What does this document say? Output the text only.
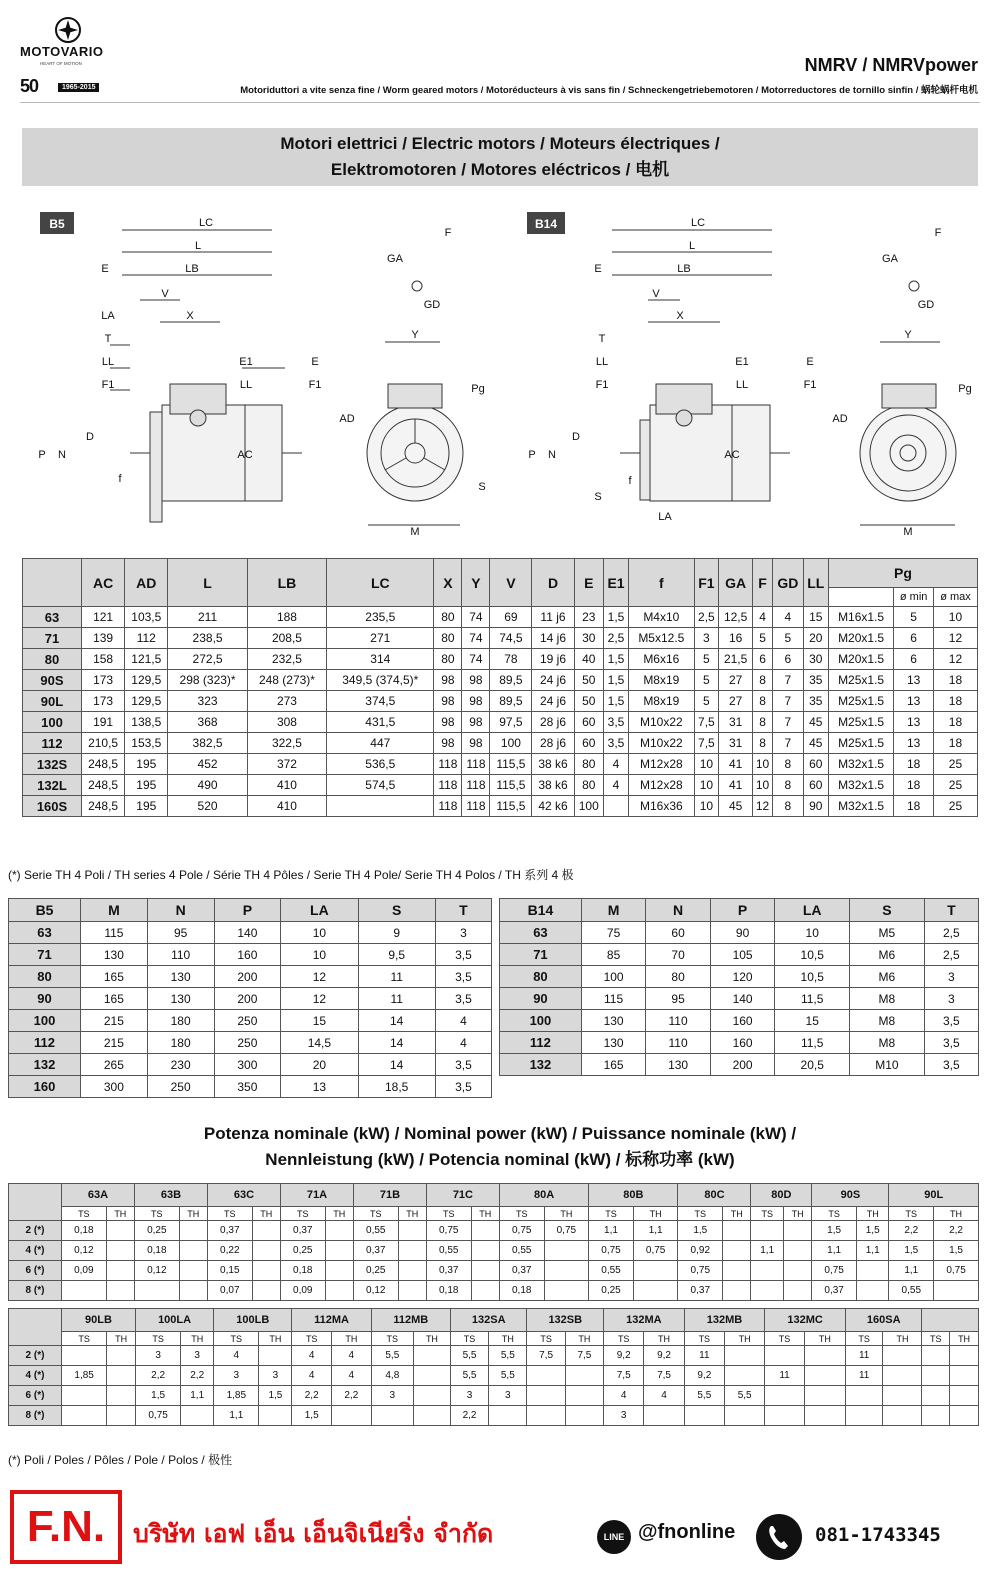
MOTOVARIO
HEART OF MOTION
50	1965-2015
NMRV / NMRVpower
Motoriduttori a vite senza fine / Worm geared motors / Motoréducteurs à vis sans fin / Schneckengetriebemotoren / Motorreductores de tornillo sinfín / 蜗轮蜗杆电机
Motori elettrici / Electric motors / Moteurs électriques /
Elektromotoren / Motores eléctricos / 电机
B5	B14
LC
L
LB
E
V
X
LA
T
LL
F1
E1	E
LL	F1
P N
D
f
AC
AD
GA
F
GD
Y
Pg
S
M
LC
L
LB
E
V
X
T
LL
F1
E1	E
LL	F1
P N
D
S
f
LA
AC
AD
GA
F
GD
Y
Pg
M
	AC	AD	L	LB	LC	X	Y	V	D	E	E1	f	F1	GA	F	GD	LL	Pg		
																			ø min	ø max
63	121	103,5	211	188	235,5	80	74	69	11 j6	23	1,5	M4x10	2,5	12,5	4	4	15	M16x1.5	5	10
71	139	112	238,5	208,5	271	80	74	74,5	14 j6	30	2,5	M5x12.5	3	16	5	5	20	M20x1.5	6	12
80	158	121,5	272,5	232,5	314	80	74	78	19 j6	40	1,5	M6x16	5	21,5	6	6	30	M20x1.5	6	12
90S	173	129,5	298 (323)*	248 (273)*	349,5 (374,5)*	98	98	89,5	24 j6	50	1,5	M8x19	5	27	8	7	35	M25x1.5	13	18
90L	173	129,5	323	273	374,5	98	98	89,5	24 j6	50	1,5	M8x19	5	27	8	7	35	M25x1.5	13	18
100	191	138,5	368	308	431,5	98	98	97,5	28 j6	60	3,5	M10x22	7,5	31	8	7	45	M25x1.5	13	18
112	210,5	153,5	382,5	322,5	447	98	98	100	28 j6	60	3,5	M10x22	7,5	31	8	7	45	M25x1.5	13	18
132S	248,5	195	452	372	536,5	118	118	115,5	38 k6	80	4	M12x28	10	41	10	8	60	M32x1.5	18	25
132L	248,5	195	490	410	574,5	118	118	115,5	38 k6	80	4	M12x28	10	41	10	8	60	M32x1.5	18	25
160S	248,5	195	520	410		118	118	115,5	42 k6	100		M16x36	10	45	12	8	90	M32x1.5	18	25
(*) Serie TH 4 Poli / TH series 4 Pole / Série TH 4 Pôles / Serie TH 4 Pole/ Serie TH 4 Polos / TH 系列 4 极
B5	M	N	P	LA	S	T
63	115	95	140	10	9	3
71	130	110	160	10	9,5	3,5
80	165	130	200	12	11	3,5
90	165	130	200	12	11	3,5
100	215	180	250	15	14	4
112	215	180	250	14,5	14	4
132	265	230	300	20	14	3,5
160	300	250	350	13	18,5	3,5
B14	M	N	P	LA	S	T
63	75	60	90	10	M5	2,5
71	85	70	105	10,5	M6	2,5
80	100	80	120	10,5	M6	3
90	115	95	140	11,5	M8	3
100	130	110	160	15	M8	3,5
112	130	110	160	11,5	M8	3,5
132	165	130	200	20,5	M10	3,5
Potenza nominale (kW) / Nominal power (kW) / Puissance nominale (kW) /
Nennleistung (kW) / Potencia nominal (kW) / 标称功率 (kW)
	63A		63B		63C		71A		71B		71C		80A		80B		80C		80D		90S		90L	
	TS	TH	TS	TH	TS	TH	TS	TH	TS	TH	TS	TH	TS	TH	TS	TH	TS	TH	TS	TH	TS	TH	TS	TH
2 (*)	0,18		0,25		0,37		0,37		0,55		0,75		0,75	0,75	1,1	1,1	1,5				1,5	1,5	2,2	2,2
4 (*)	0,12		0,18		0,22		0,25		0,37		0,55		0,55		0,75	0,75	0,92		1,1		1,1	1,1	1,5	1,5
6 (*)	0,09		0,12		0,15		0,18		0,25		0,37		0,37		0,55		0,75				0,75		1,1	0,75
8 (*)					0,07		0,09		0,12		0,18		0,18		0,25		0,37				0,37		0,55	
	90LB		100LA		100LB		112MA		112MB		132SA		132SB		132MA		132MB		132MC		160SA			
	TS	TH	TS	TH	TS	TH	TS	TH	TS	TH	TS	TH	TS	TH	TS	TH	TS	TH	TS	TH	TS	TH	TS	TH
2 (*)			3	3	4		4	4	5,5		5,5	5,5	7,5	7,5	9,2	9,2	11				11			
4 (*)	1,85		2,2	2,2	3	3	4	4	4,8		5,5	5,5			7,5	7,5	9,2		11		11			
6 (*)			1,5	1,1	1,85	1,5	2,2	2,2	3		3	3			4	4	5,5	5,5						
8 (*)			0,75		1,1		1,5				2,2				3									
(*) Poli / Poles / Pôles / Pole / Polos / 极性
F.N.	บริษัท เอฟ เอ็น เอ็นจิเนียริ่ง จำกัด	LINE @fnonline	081-1743345
